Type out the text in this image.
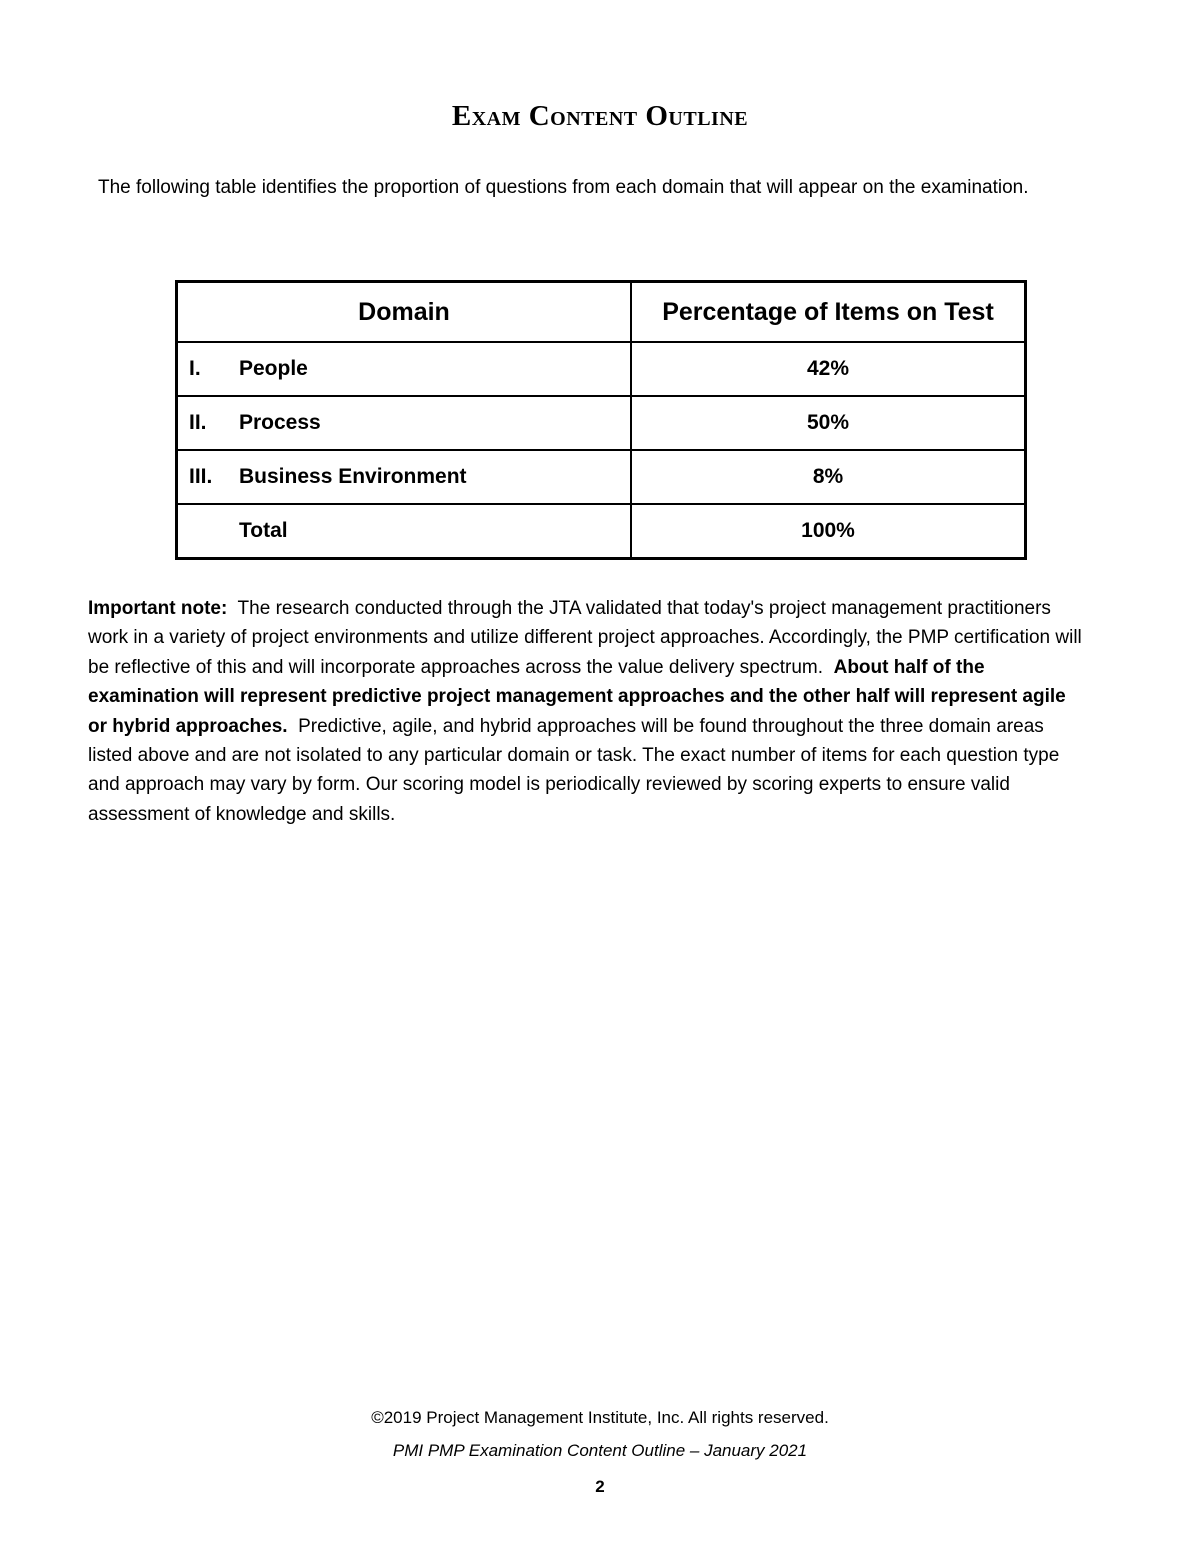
Exam Content Outline

The following table identifies the proportion of questions from each domain that will appear on the examination.

Domain	Percentage of Items on Test
I. People	42%
II. Process	50%
III. Business Environment	8%
Total	100%

Important note: The research conducted through the JTA validated that today's project management practitioners work in a variety of project environments and utilize different project approaches. Accordingly, the PMP certification will be reflective of this and will incorporate approaches across the value delivery spectrum. About half of the examination will represent predictive project management approaches and the other half will represent agile or hybrid approaches. Predictive, agile, and hybrid approaches will be found throughout the three domain areas listed above and are not isolated to any particular domain or task. The exact number of items for each question type and approach may vary by form. Our scoring model is periodically reviewed by scoring experts to ensure valid assessment of knowledge and skills.

©2019 Project Management Institute, Inc. All rights reserved.
PMI PMP Examination Content Outline – January 2021
2
